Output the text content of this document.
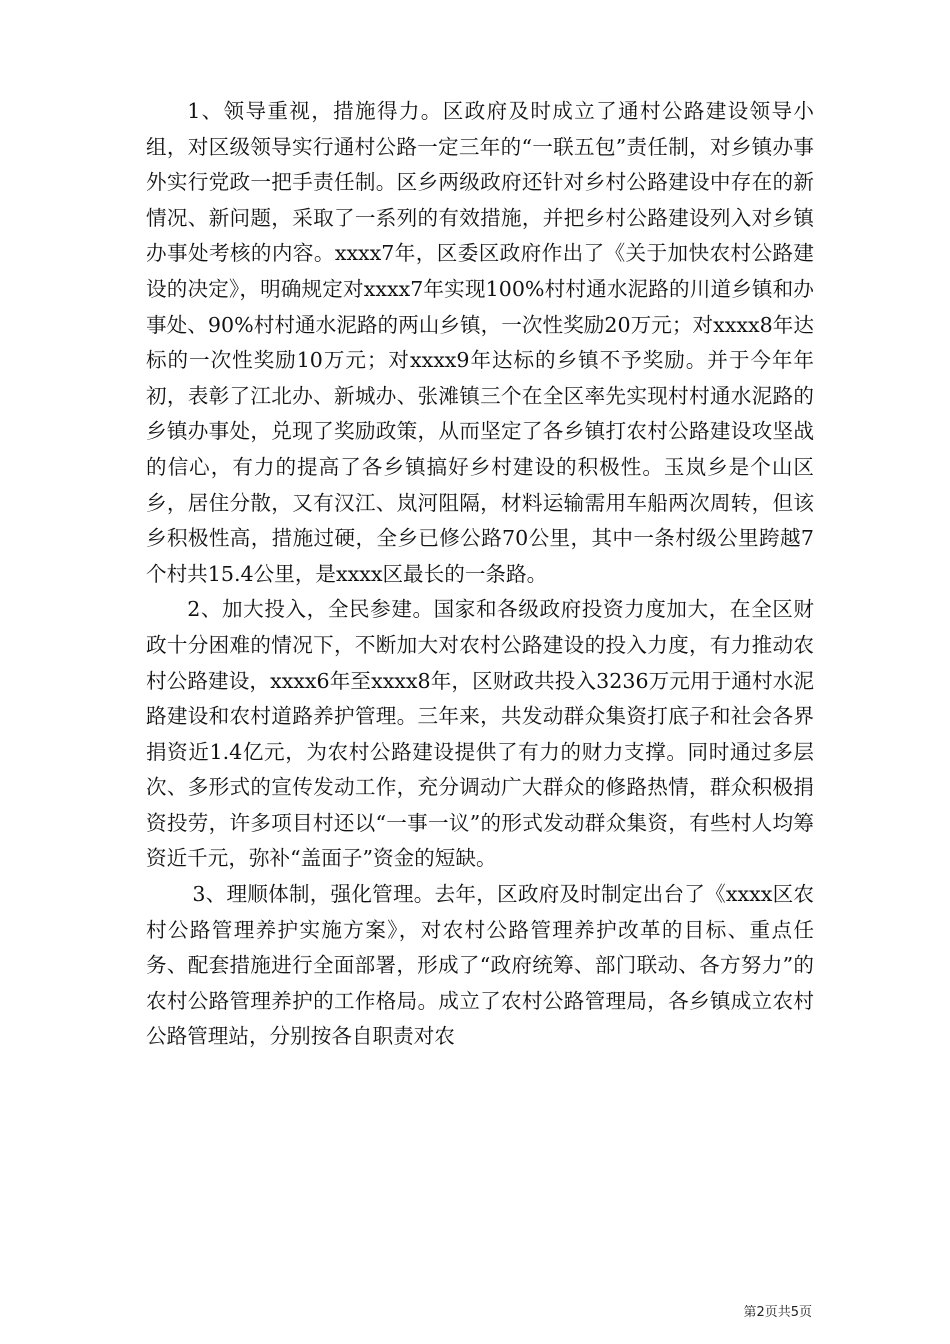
1、领导重视，措施得力。区政府及时成立了通村公路建设领导小组，对区级领导实行通村公路一定三年的“一联五包”责任制，对乡镇办事外实行党政一把手责任制。区乡两级政府还针对乡村公路建设中存在的新情况、新问题，采取了一系列的有效措施，并把乡村公路建设列入对乡镇办事处考核的内容。xxxx7年，区委区政府作出了《关于加快农村公路建设的决定》，明确规定对xxxx7年实现100%村村通水泥路的川道乡镇和办事处、90%村村通水泥路的两山乡镇，一次性奖励20万元；对xxxx8年达标的一次性奖励10万元；对xxxx9年达标的乡镇不予奖励。并于今年年初，表彰了江北办、新城办、张滩镇三个在全区率先实现村村通水泥路的乡镇办事处，兑现了奖励政策，从而坚定了各乡镇打农村公路建设攻坚战的信心，有力的提高了各乡镇搞好乡村建设的积极性。玉岚乡是个山区乡，居住分散，又有汉江、岚河阻隔，材料运输需用车船两次周转，但该乡积极性高，措施过硬，全乡已修公路70公里，其中一条村级公里跨越7个村共15.4公里，是xxxx区最长的一条路。

2、加大投入，全民参建。国家和各级政府投资力度加大，在全区财政十分困难的情况下，不断加大对农村公路建设的投入力度，有力推动农村公路建设，xxxx6年至xxxx8年，区财政共投入3236万元用于通村水泥路建设和农村道路养护管理。三年来，共发动群众集资打底子和社会各界捐资近1.4亿元，为农村公路建设提供了有力的财力支撑。同时通过多层次、多形式的宣传发动工作，充分调动广大群众的修路热情，群众积极捐资投劳，许多项目村还以“一事一议”的形式发动群众集资，有些村人均筹资近千元，弥补“盖面子”资金的短缺。

3、理顺体制，强化管理。去年，区政府及时制定出台了《xxxx区农村公路管理养护实施方案》，对农村公路管理养护改革的目标、重点任务、配套措施进行全面部署，形成了“政府统筹、部门联动、各方努力”的农村公路管理养护的工作格局。成立了农村公路管理局，各乡镇成立农村公路管理站，分别按各自职责对农

第2页共5页
